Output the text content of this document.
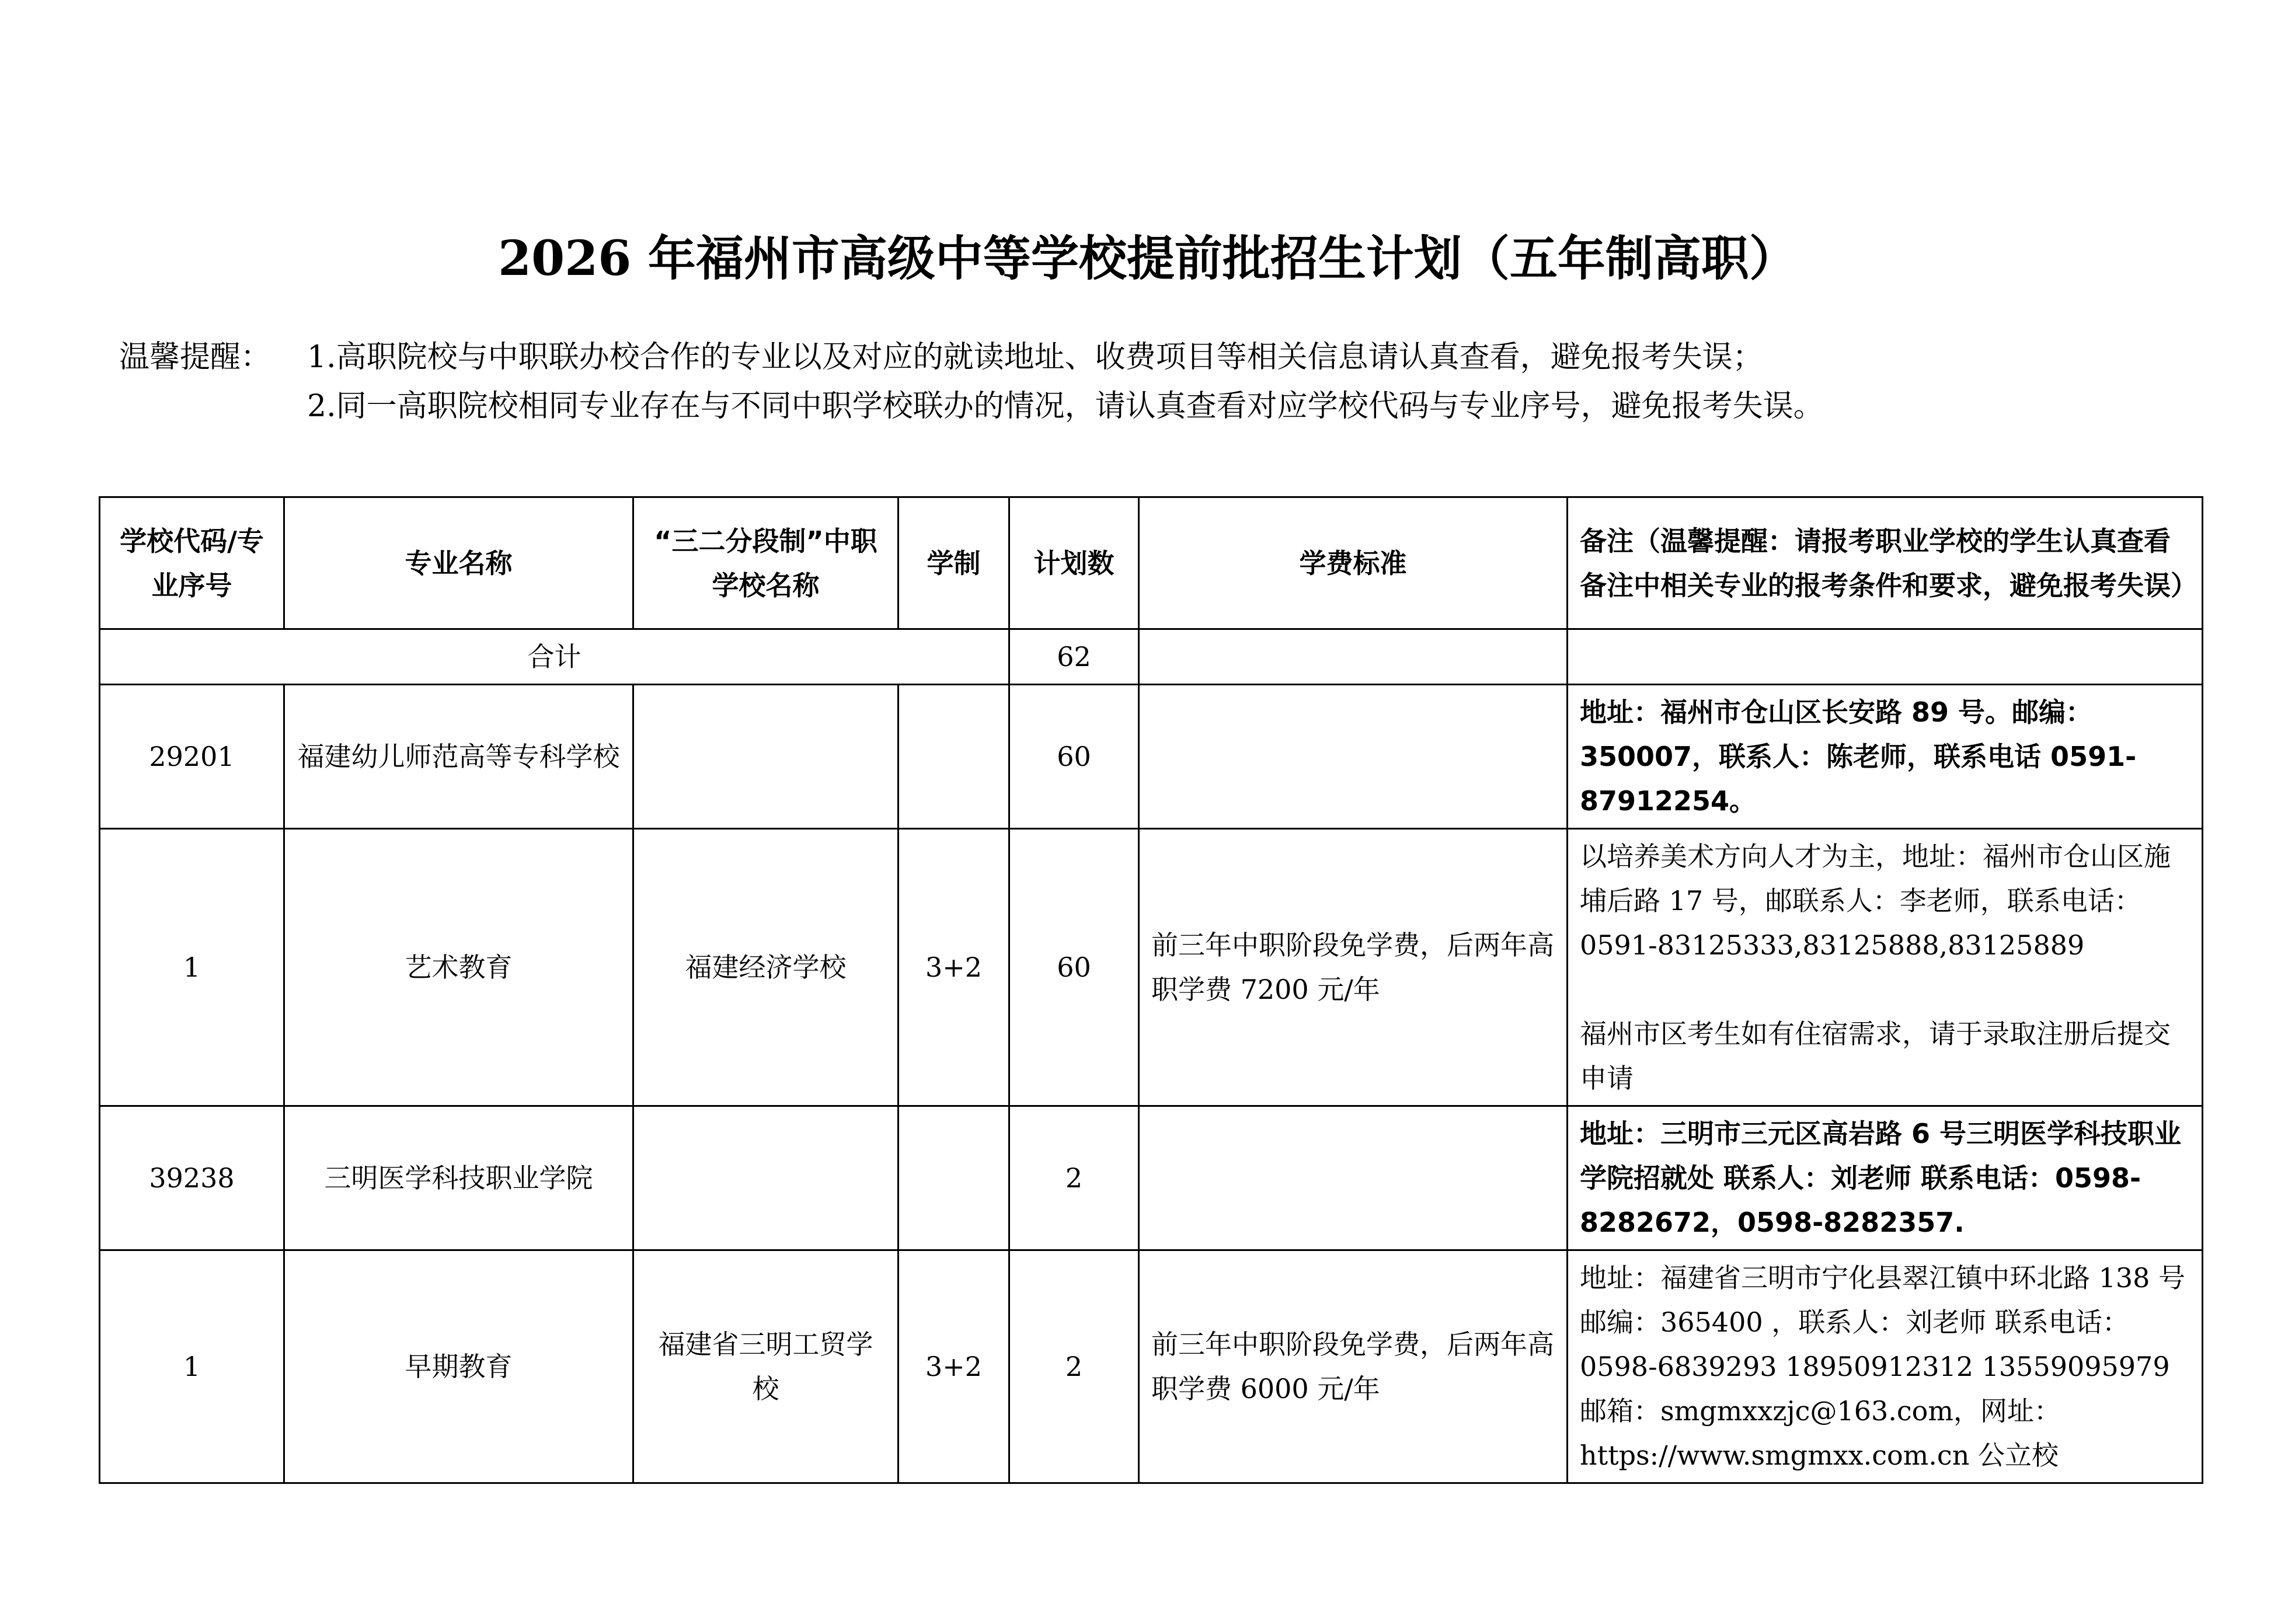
2026 年福州市高级中等学校提前批招生计划（五年制高职）
温馨提醒： 1.高职院校与中职联办校合作的专业以及对应的就读地址、收费项目等相关信息请认真查看，避免报考失误；
2.同一高职院校相同专业存在与不同中职学校联办的情况，请认真查看对应学校代码与专业序号，避免报考失误。
学校代码/专业序号	专业名称	“三二分段制”中职学校名称	学制	计划数	学费标准	备注（温馨提醒：请报考职业学校的学生认真查看备注中相关专业的报考条件和要求，避免报考失误）
合计				62		
29201	福建幼儿师范高等专科学校			60		地址：福州市仓山区长安路 89 号。邮编：350007，联系人：陈老师，联系电话 0591-87912254。
1	艺术教育	福建经济学校	3+2	60	前三年中职阶段免学费，后两年高职学费 7200 元/年	以培养美术方向人才为主，地址：福州市仓山区施埔后路 17 号，邮联系人：李老师，联系电话：0591-83125333,83125888,83125889
福州市区考生如有住宿需求，请于录取注册后提交申请
39238	三明医学科技职业学院			2		地址：三明市三元区高岩路 6 号三明医学科技职业学院招就处 联系人：刘老师 联系电话：0598-8282672，0598-8282357.
1	早期教育	福建省三明工贸学校	3+2	2	前三年中职阶段免学费，后两年高职学费 6000 元/年	地址：福建省三明市宁化县翠江镇中环北路 138 号 邮编：365400 ，联系人：刘老师 联系电话：0598-6839293 18950912312 13559095979 邮箱：smgmxxzjc@163.com，网址：https://www.smgmxx.com.cn 公立校
